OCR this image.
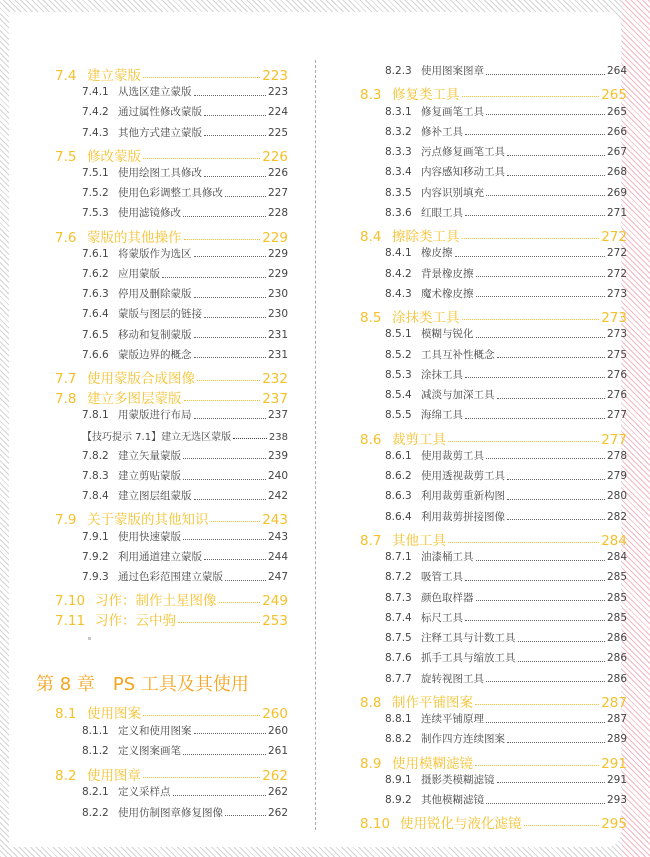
7.4 建立蒙版	223
7.4.1 从选区建立蒙版	223
7.4.2 通过属性修改蒙版	224
7.4.3 其他方式建立蒙版	225
7.5 修改蒙版	226
7.5.1 使用绘图工具修改	226
7.5.2 使用色彩调整工具修改	227
7.5.3 使用滤镜修改	228
7.6 蒙版的其他操作	229
7.6.1 将蒙版作为选区	229
7.6.2 应用蒙版	229
7.6.3 停用及删除蒙版	230
7.6.4 蒙版与图层的链接	230
7.6.5 移动和复制蒙版	231
7.6.6 蒙版边界的概念	231
7.7 使用蒙版合成图像	232
7.8 建立多图层蒙版	237
7.8.1 用蒙版进行布局	237
【技巧提示 7.1】建立无选区蒙版	238
7.8.2 建立矢量蒙版	239
7.8.3 建立剪贴蒙版	240
7.8.4 建立图层组蒙版	242
7.9 关于蒙版的其他知识	243
7.9.1 使用快速蒙版	243
7.9.2 利用通道建立蒙版	244
7.9.3 通过色彩范围建立蒙版	247
7.10 习作：制作土星图像	249
7.11 习作：云中驹	253
8.1 使用图案	260
8.1.1 定义和使用图案	260
8.1.2 定义图案画笔	261
8.2 使用图章	262
8.2.1 定义采样点	262
8.2.2 使用仿制图章修复图像	262
第 8 章 PS 工具及其使用
8.2.3 使用图案图章	264
8.3 修复类工具	265
8.3.1 修复画笔工具	265
8.3.2 修补工具	266
8.3.3 污点修复画笔工具	267
8.3.4 内容感知移动工具	268
8.3.5 内容识别填充	269
8.3.6 红眼工具	271
8.4 擦除类工具	272
8.4.1 橡皮擦	272
8.4.2 背景橡皮擦	272
8.4.3 魔术橡皮擦	273
8.5 涂抹类工具	273
8.5.1 模糊与锐化	273
8.5.2 工具互补性概念	275
8.5.3 涂抹工具	276
8.5.4 减淡与加深工具	276
8.5.5 海绵工具	277
8.6 裁剪工具	277
8.6.1 使用裁剪工具	278
8.6.2 使用透视裁剪工具	279
8.6.3 利用裁剪重新构图	280
8.6.4 利用裁剪拼接图像	282
8.7 其他工具	284
8.7.1 油漆桶工具	284
8.7.2 吸管工具	285
8.7.3 颜色取样器	285
8.7.4 标尺工具	285
8.7.5 注释工具与计数工具	286
8.7.6 抓手工具与缩放工具	286
8.7.7 旋转视图工具	286
8.8 制作平铺图案	287
8.8.1 连续平铺原理	287
8.8.2 制作四方连续图案	289
8.9 使用模糊滤镜	291
8.9.1 摄影类模糊滤镜	291
8.9.2 其他模糊滤镜	293
8.10 使用锐化与液化滤镜	295
